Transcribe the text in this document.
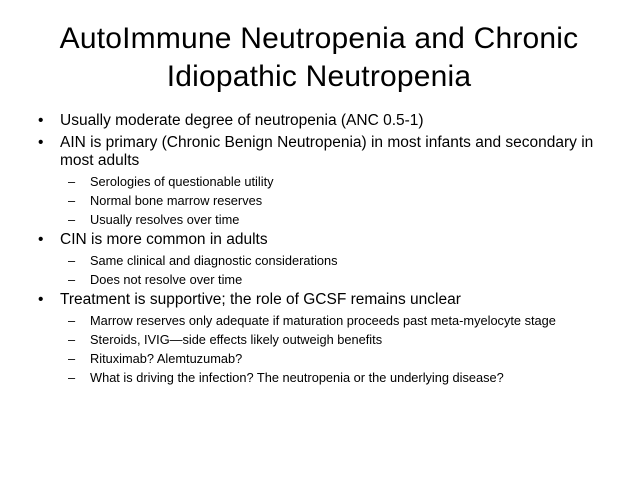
AutoImmune Neutropenia and Chronic
Idiopathic Neutropenia
• Usually moderate degree of neutropenia (ANC 0.5-1)
• AIN is primary (Chronic Benign Neutropenia) in most infants and secondary in most adults
– Serologies of questionable utility
– Normal bone marrow reserves
– Usually resolves over time
• CIN is more common in adults
– Same clinical and diagnostic considerations
– Does not resolve over time
• Treatment is supportive; the role of GCSF remains unclear
– Marrow reserves only adequate if maturation proceeds past meta-myelocyte stage
– Steroids, IVIG—side effects likely outweigh benefits
– Rituximab? Alemtuzumab?
– What is driving the infection? The neutropenia or the underlying disease?
